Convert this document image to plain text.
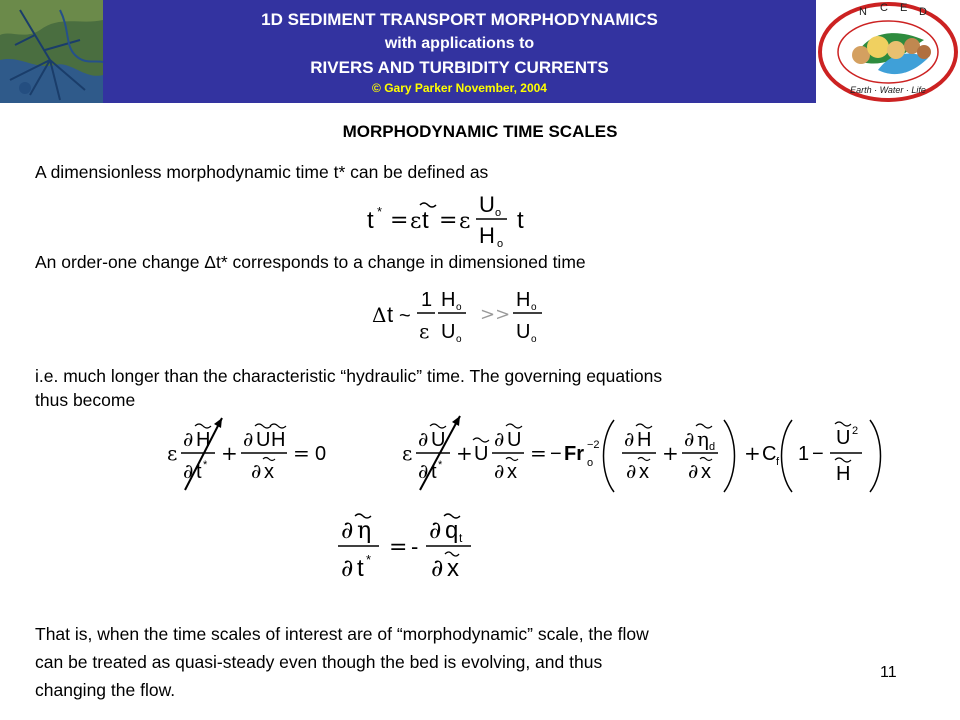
1D SEDIMENT TRANSPORT MORPHODYNAMICS
with applications to
RIVERS AND TURBIDITY CURRENTS
© Gary Parker November, 2004
N C E D
Earth · Water · Life
MORPHODYNAMIC TIME SCALES
A dimensionless morphodynamic time t* can be defined as
t * = ε t = ε
U o
H o
t
An order-one change Δt* corresponds to a change in dimensioned time
Δ t ~
1
ε
H o
U o
>>
H o
U o
i.e. much longer than the characteristic “hydraulic” time. The governing equations
thus become
ε
∂ H
∂ t * +
∂ U H
∂ x
= 0	ε
∂ U
∂ t * + U
∂ U
∂ x
= − Fr o
−2 ∂ H
∂ x
+
∂ η d
∂ x
+ C f 1 −
U 2
H
∂ η
∂ t * = -
∂ q t
∂ x
That is, when the time scales of interest are of “morphodynamic” scale, the flow
can be treated as quasi-steady even though the bed is evolving, and thus
changing the flow.
11
